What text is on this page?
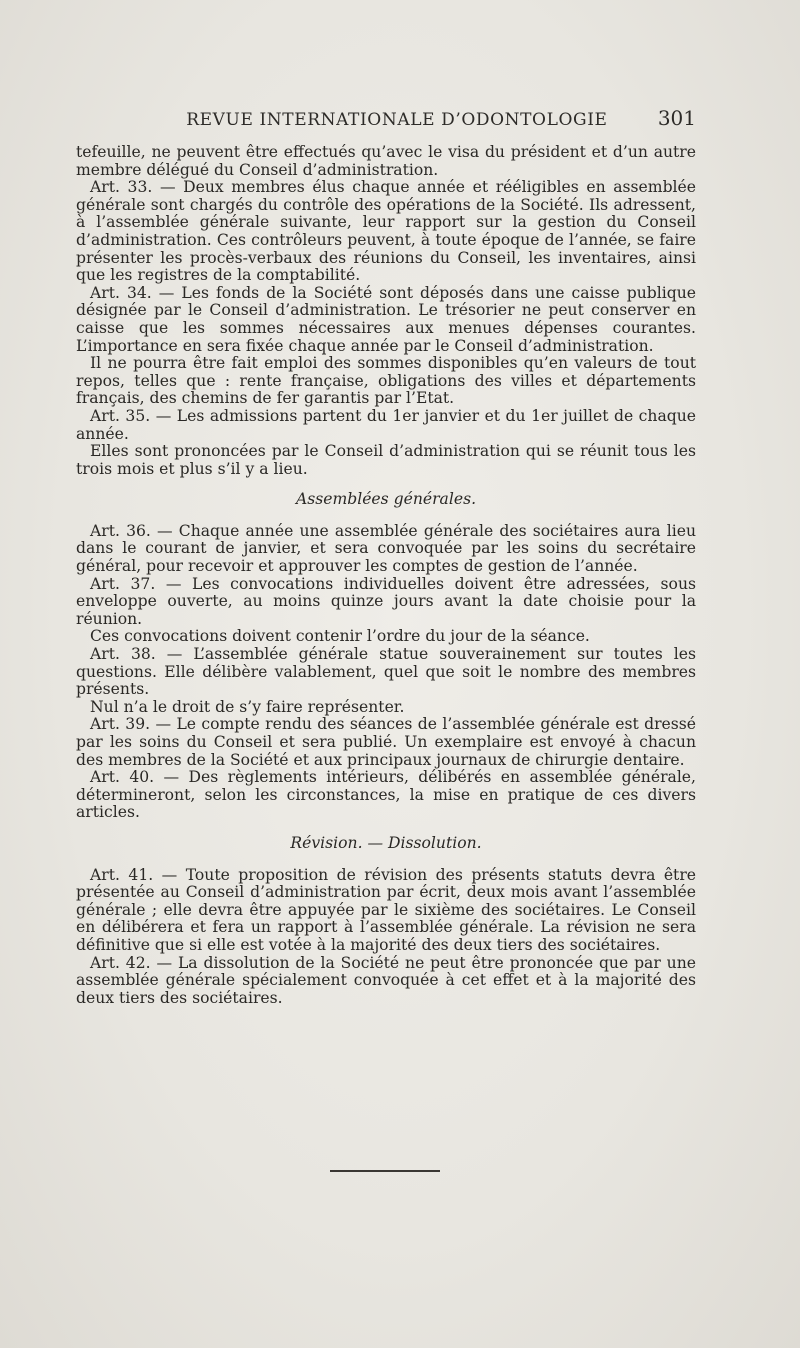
REVUE INTERNATIONALE D’ODONTOLOGIE	301

tefeuille, ne peuvent être effectués qu’avec le visa du président et d’un autre membre délégué du Conseil d’administration.

Art. 33. — Deux membres élus chaque année et rééligibles en assemblée générale sont chargés du contrôle des opérations de la Société. Ils adressent, à l’assemblée générale suivante, leur rapport sur la gestion du Conseil d’administration. Ces contrôleurs peuvent, à toute époque de l’année, se faire présenter les procès-verbaux des réunions du Conseil, les inventaires, ainsi que les registres de la comptabilité.

Art. 34. — Les fonds de la Société sont déposés dans une caisse publique désignée par le Conseil d’administration. Le trésorier ne peut conserver en caisse que les sommes nécessaires aux menues dépenses courantes. L’importance en sera fixée chaque année par le Conseil d’administration.

Il ne pourra être fait emploi des sommes disponibles qu’en valeurs de tout repos, telles que : rente française, obligations des villes et départements français, des chemins de fer garantis par l’Etat.

Art. 35. — Les admissions partent du 1er janvier et du 1er juillet de chaque année.

Elles sont prononcées par le Conseil d’administration qui se réunit tous les trois mois et plus s’il y a lieu.

Assemblées générales.

Art. 36. — Chaque année une assemblée générale des sociétaires aura lieu dans le courant de janvier, et sera convoquée par les soins du secrétaire général, pour recevoir et approuver les comptes de gestion de l’année.

Art. 37. — Les convocations individuelles doivent être adressées, sous enveloppe ouverte, au moins quinze jours avant la date choisie pour la réunion.

Ces convocations doivent contenir l’ordre du jour de la séance.

Art. 38. — L’assemblée générale statue souverainement sur toutes les questions. Elle délibère valablement, quel que soit le nombre des membres présents.

Nul n’a le droit de s’y faire représenter.

Art. 39. — Le compte rendu des séances de l’assemblée générale est dressé par les soins du Conseil et sera publié. Un exemplaire est envoyé à chacun des membres de la Société et aux principaux journaux de chirurgie dentaire.

Art. 40. — Des règlements intérieurs, délibérés en assemblée générale, détermineront, selon les circonstances, la mise en pratique de ces divers articles.

Révision. — Dissolution.

Art. 41. — Toute proposition de révision des présents statuts devra être présentée au Conseil d’administration par écrit, deux mois avant l’assemblée générale ; elle devra être appuyée par le sixième des sociétaires. Le Conseil en délibérera et fera un rapport à l’assemblée générale. La révision ne sera définitive que si elle est votée à la majorité des deux tiers des sociétaires.

Art. 42. — La dissolution de la Société ne peut être prononcée que par une assemblée générale spécialement convoquée à cet effet et à la majorité des deux tiers des sociétaires.
